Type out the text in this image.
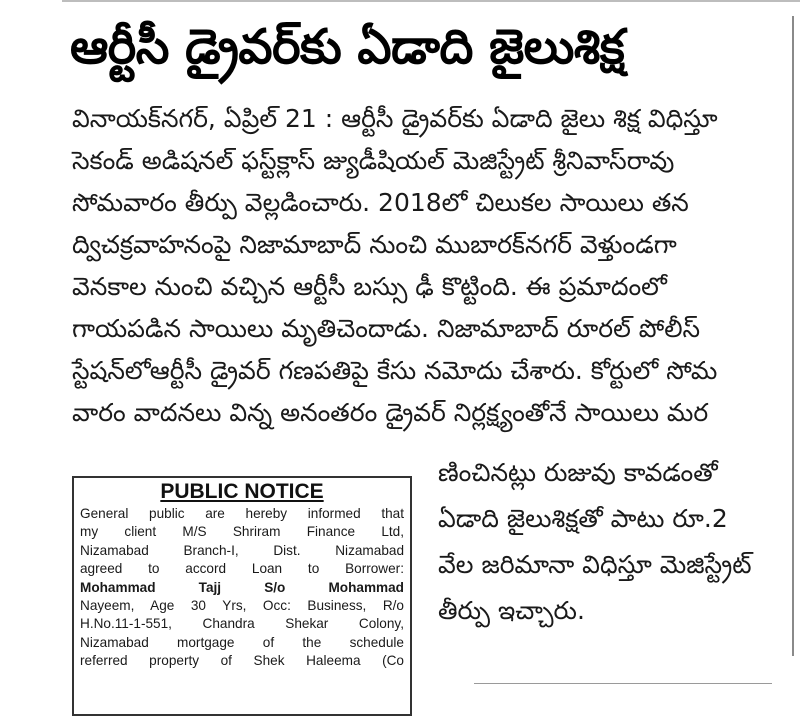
ఆర్టీసీ డ్రైవర్‌కు ఏడాది జైలుశిక్ష

వినాయక్‌నగర్, ఏప్రిల్ 21 : ఆర్టీసీ డ్రైవర్‌కు ఏడాది జైలు శిక్ష విధిస్తూ

సెకండ్ అడిషనల్ ఫస్ట్‌క్లాస్ జ్యుడీషియల్ మెజిస్ట్రేట్ శ్రీనివాస్‌రావు

సోమవారం తీర్పు వెల్లడించారు. 2018లో చిలుకల సాయిలు తన

ద్విచక్రవాహనంపై నిజామాబాద్ నుంచి ముబారక్‌నగర్ వెళ్తుండగా

వెనకాల నుంచి వచ్చిన ఆర్టీసీ బస్సు ఢీ కొట్టింది. ఈ ప్రమాదంలో

గాయపడిన సాయిలు మృతిచెందాడు. నిజామాబాద్ రూరల్ పోలీస్

స్టేషన్‌లోఆర్టీసీ డ్రైవర్ గణపతిపై కేసు నమోదు చేశారు. కోర్టులో సోమ

వారం వాదనలు విన్న అనంతరం డ్రైవర్ నిర్లక్ష్యంతోనే సాయిలు మర

ణించినట్లు రుజువు కావడంతో

ఏడాది జైలుశిక్షతో పాటు రూ.2

వేల జరిమానా విధిస్తూ మెజిస్ట్రేట్

తీర్పు ఇచ్చారు.

PUBLIC NOTICE
General public are hereby informed that
my client M/S Shriram Finance Ltd,
Nizamabad Branch-I, Dist. Nizamabad
agreed to accord Loan to Borrower:
Mohammad Tajj S/o Mohammad
Nayeem, Age 30 Yrs, Occ: Business, R/o
H.No.11-1-551, Chandra Shekar Colony,
Nizamabad mortgage of the schedule
referred property of Shek Haleema (Co
